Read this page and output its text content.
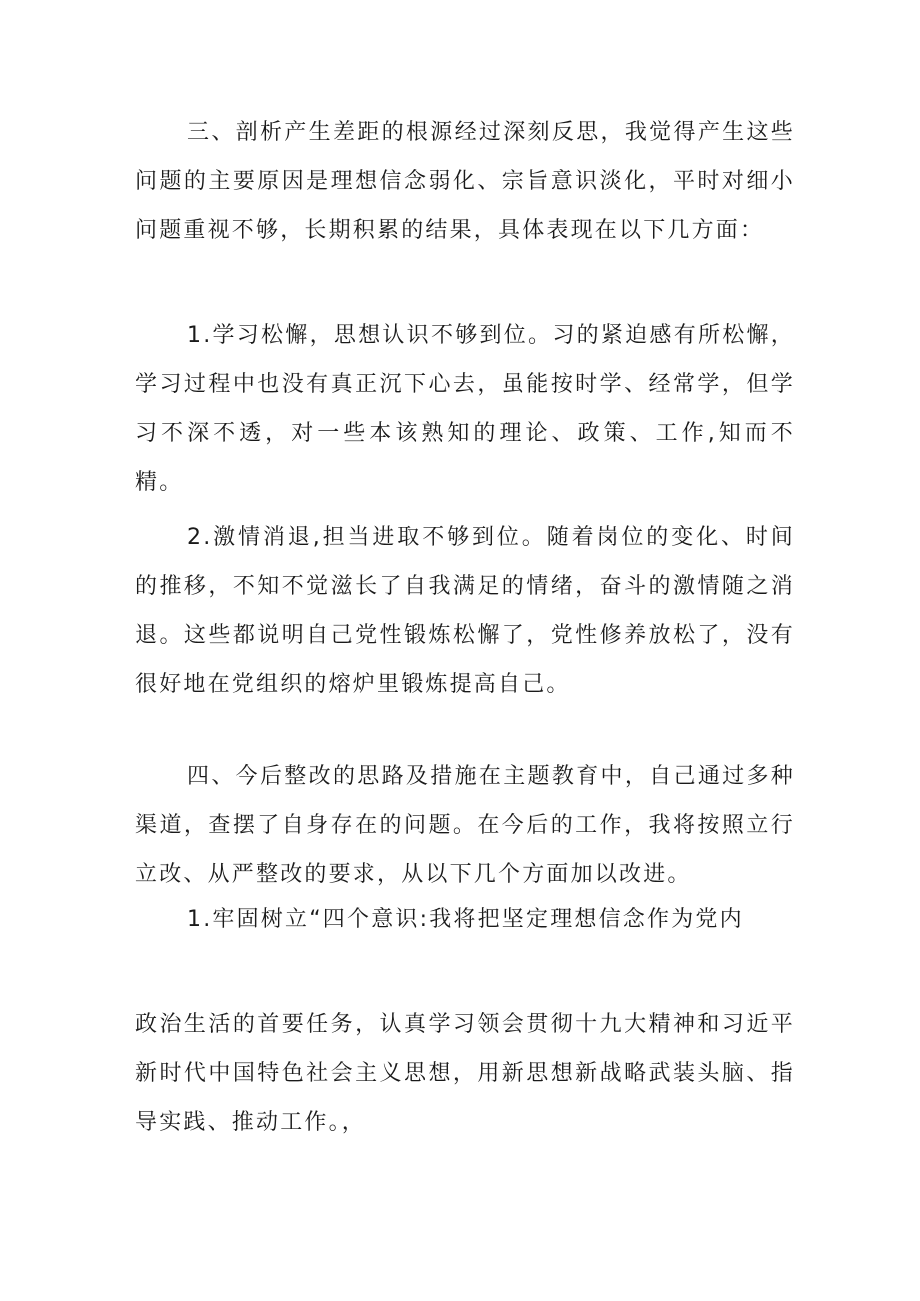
三、剖析产生差距的根源经过深刻反思，我觉得产生这些问题的主要原因是理想信念弱化、宗旨意识淡化，平时对细小问题重视不够，长期积累的结果，具体表现在以下几方面：

1.学习松懈，思想认识不够到位。习的紧迫感有所松懈，学习过程中也没有真正沉下心去，虽能按时学、经常学，但学习不深不透，对一些本该熟知的理论、政策、工作,知而不精。

2.激情消退,担当进取不够到位。随着岗位的变化、时间的推移，不知不觉滋长了自我满足的情绪，奋斗的激情随之消退。这些都说明自己党性锻炼松懈了，党性修养放松了，没有很好地在党组织的熔炉里锻炼提高自己。

四、今后整改的思路及措施在主题教育中，自己通过多种渠道，查摆了自身存在的问题。在今后的工作，我将按照立行立改、从严整改的要求，从以下几个方面加以改进。

1.牢固树立“四个意识:我将把坚定理想信念作为党内

政治生活的首要任务，认真学习领会贯彻十九大精神和习近平新时代中国特色社会主义思想，用新思想新战略武装头脑、指导实践、推动工作。，
